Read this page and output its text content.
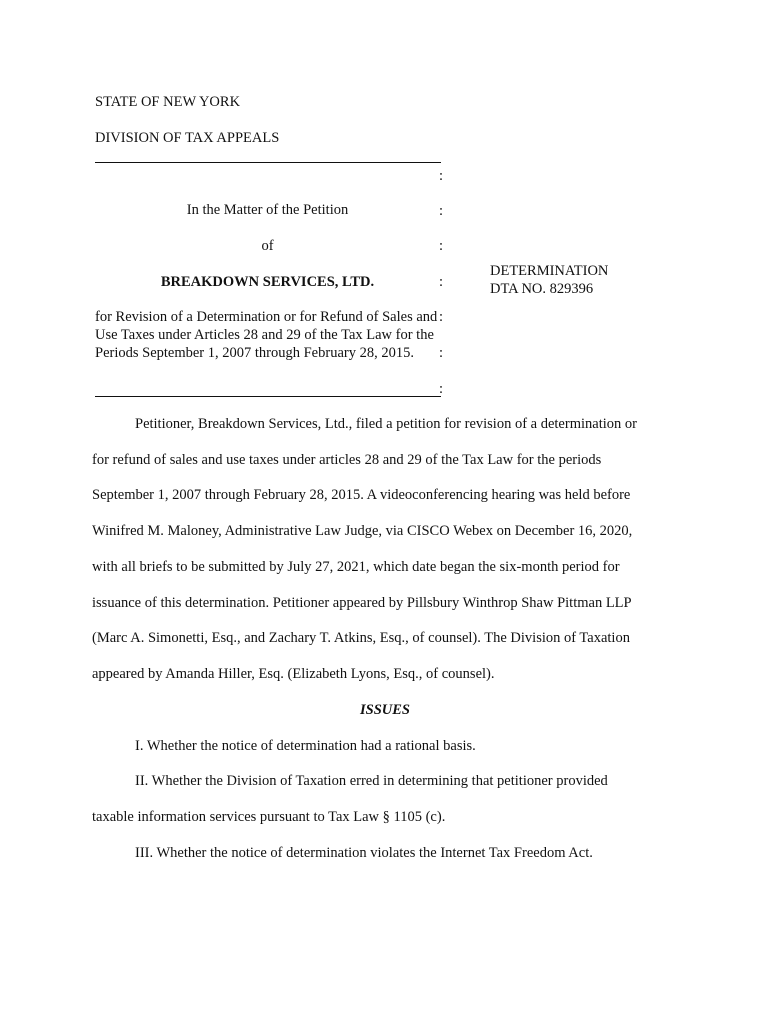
STATE OF NEW YORK
DIVISION OF TAX APPEALS
:
:
:
:
:
:
:
In the Matter of the Petition
of
BREAKDOWN SERVICES, LTD.
for Revision of a Determination or for Refund of Sales and Use Taxes under Articles 28 and 29 of the Tax Law for the Periods September 1, 2007 through February 28, 2015.
DETERMINATION
DTA NO. 829396
Petitioner, Breakdown Services, Ltd., filed a petition for revision of a determination or
for refund of sales and use taxes under articles 28 and 29 of the Tax Law for the periods
September 1, 2007 through February 28, 2015. A videoconferencing hearing was held before
Winifred M. Maloney, Administrative Law Judge, via CISCO Webex on December 16, 2020,
with all briefs to be submitted by July 27, 2021, which date began the six-month period for
issuance of this determination. Petitioner appeared by Pillsbury Winthrop Shaw Pittman LLP
(Marc A. Simonetti, Esq., and Zachary T. Atkins, Esq., of counsel). The Division of Taxation
appeared by Amanda Hiller, Esq. (Elizabeth Lyons, Esq., of counsel).
ISSUES
I. Whether the notice of determination had a rational basis.
II. Whether the Division of Taxation erred in determining that petitioner provided
taxable information services pursuant to Tax Law § 1105 (c).
III. Whether the notice of determination violates the Internet Tax Freedom Act.
